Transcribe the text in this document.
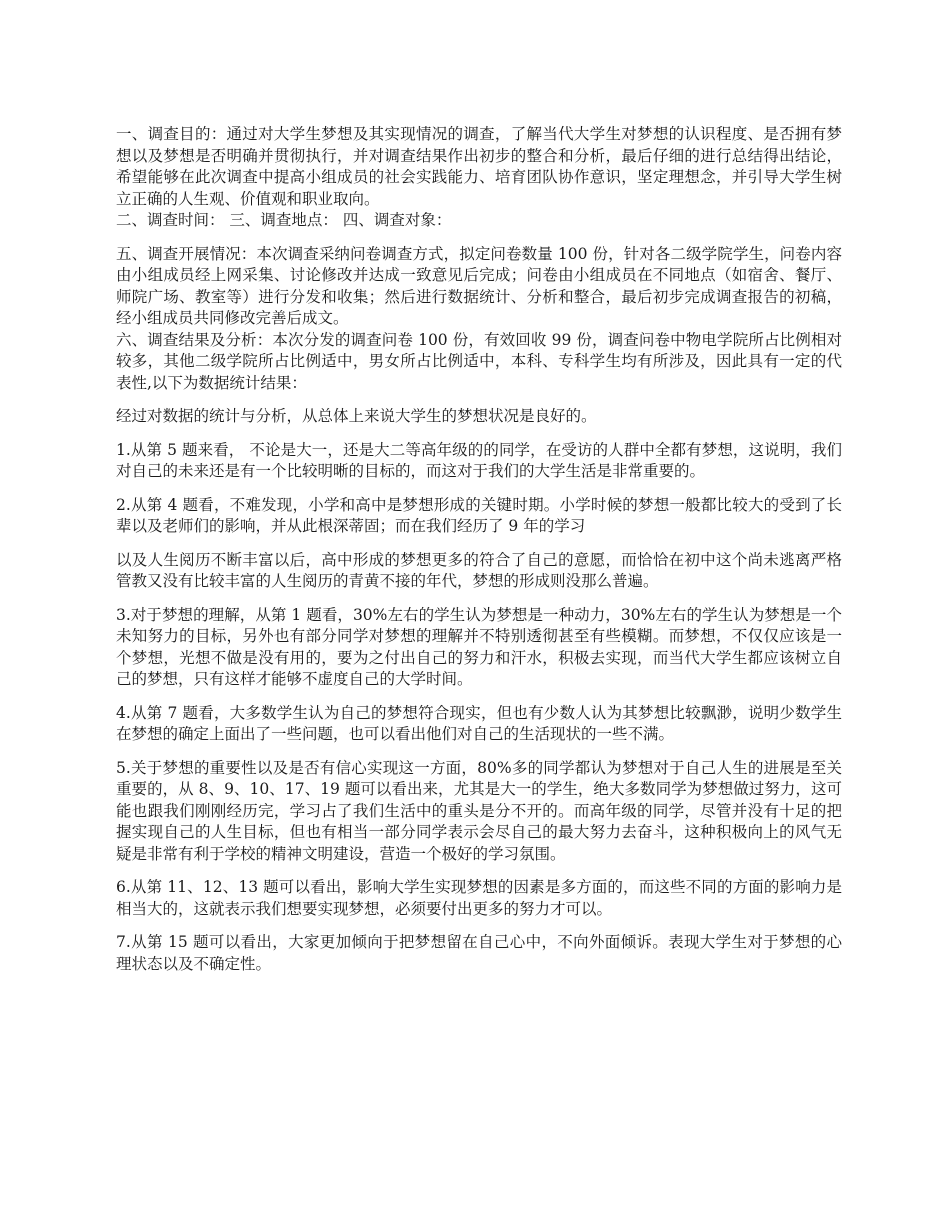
一、调查目的：通过对大学生梦想及其实现情况的调查，了解当代大学生对梦想的认识程度、是否拥有梦想以及梦想是否明确并贯彻执行，并对调查结果作出初步的整合和分析，最后仔细的进行总结得出结论，希望能够在此次调查中提高小组成员的社会实践能力、培育团队协作意识，坚定理想念，并引导大学生树立正确的人生观、价值观和职业取向。

二、调查时间： 三、调查地点： 四、调查对象：

五、调查开展情况：本次调查采纳问卷调查方式，拟定问卷数量 100 份，针对各二级学院学生，问卷内容由小组成员经上网采集、讨论修改并达成一致意见后完成；问卷由小组成员在不同地点（如宿舍、餐厅、师院广场、教室等）进行分发和收集；然后进行数据统计、分析和整合，最后初步完成调查报告的初稿，经小组成员共同修改完善后成文。

六、调查结果及分析：本次分发的调查问卷 100 份，有效回收 99 份，调查问卷中物电学院所占比例相对较多，其他二级学院所占比例适中，男女所占比例适中，本科、专科学生均有所涉及，因此具有一定的代表性,以下为数据统计结果：

经过对数据的统计与分析，从总体上来说大学生的梦想状况是良好的。

1.从第 5 题来看， 不论是大一，还是大二等高年级的的同学，在受访的人群中全都有梦想，这说明，我们对自己的未来还是有一个比较明晰的目标的，而这对于我们的大学生活是非常重要的。

2.从第 4 题看，不难发现，小学和高中是梦想形成的关键时期。小学时候的梦想一般都比较大的受到了长辈以及老师们的影响，并从此根深蒂固；而在我们经历了 9 年的学习

以及人生阅历不断丰富以后，高中形成的梦想更多的符合了自己的意愿，而恰恰在初中这个尚未逃离严格管教又没有比较丰富的人生阅历的青黄不接的年代，梦想的形成则没那么普遍。

3.对于梦想的理解，从第 1 题看，30%左右的学生认为梦想是一种动力，30%左右的学生认为梦想是一个未知努力的目标，另外也有部分同学对梦想的理解并不特别透彻甚至有些模糊。而梦想，不仅仅应该是一个梦想，光想不做是没有用的，要为之付出自己的努力和汗水，积极去实现，而当代大学生都应该树立自己的梦想，只有这样才能够不虚度自己的大学时间。

4.从第 7 题看，大多数学生认为自己的梦想符合现实，但也有少数人认为其梦想比较飘渺，说明少数学生在梦想的确定上面出了一些问题，也可以看出他们对自己的生活现状的一些不满。

5.关于梦想的重要性以及是否有信心实现这一方面，80%多的同学都认为梦想对于自己人生的进展是至关重要的，从 8、9、10、17、19 题可以看出来，尤其是大一的学生，绝大多数同学为梦想做过努力，这可能也跟我们刚刚经历完，学习占了我们生活中的重头是分不开的。而高年级的同学，尽管并没有十足的把握实现自己的人生目标，但也有相当一部分同学表示会尽自己的最大努力去奋斗，这种积极向上的风气无疑是非常有利于学校的精神文明建设，营造一个极好的学习氛围。

6.从第 11、12、13 题可以看出，影响大学生实现梦想的因素是多方面的，而这些不同的方面的影响力是相当大的，这就表示我们想要实现梦想，必须要付出更多的努力才可以。

7.从第 15 题可以看出，大家更加倾向于把梦想留在自己心中，不向外面倾诉。表现大学生对于梦想的心理状态以及不确定性。
